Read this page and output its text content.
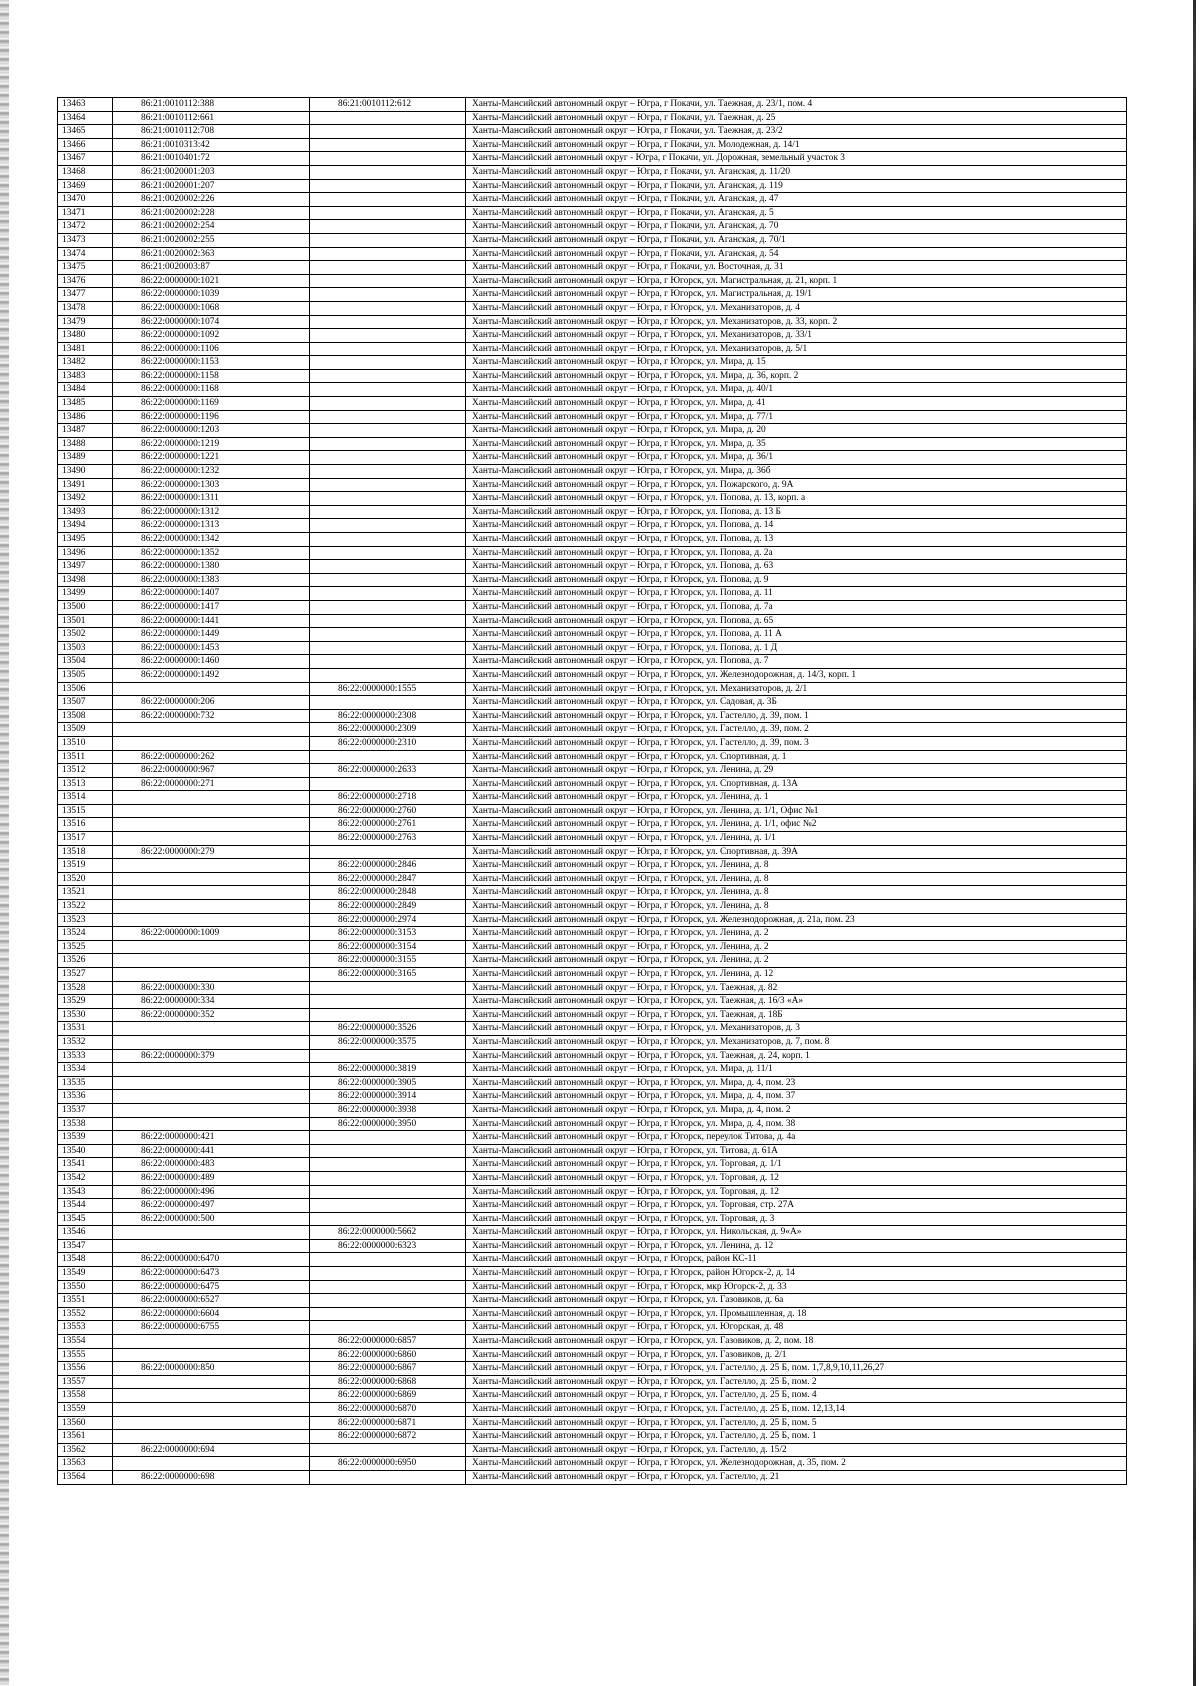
13463	86:21:0010112:388	86:21:0010112:612	Ханты-Мансийский автономный округ – Югра, г Покачи, ул. Таежная, д. 23/1, пом. 4
13464	86:21:0010112:661		Ханты-Мансийский автономный округ – Югра, г Покачи, ул. Таежная, д. 25
13465	86:21:0010112:708		Ханты-Мансийский автономный округ – Югра, г Покачи, ул. Таежная, д. 23/2
13466	86:21:0010313:42		Ханты-Мансийский автономный округ – Югра, г Покачи, ул. Молодежная, д. 14/1
13467	86:21:0010401:72		Ханты-Мансийский автономный округ - Югра, г Покачи, ул. Дорожная, земельный участок 3
13468	86:21:0020001:203		Ханты-Мансийский автономный округ – Югра, г Покачи, ул. Аганская, д. 11/20
13469	86:21:0020001:207		Ханты-Мансийский автономный округ – Югра, г Покачи, ул. Аганская, д. 119
13470	86:21:0020002:226		Ханты-Мансийский автономный округ – Югра, г Покачи, ул. Аганская, д. 47
13471	86:21:0020002:228		Ханты-Мансийский автономный округ – Югра, г Покачи, ул. Аганская, д. 5
13472	86:21:0020002:254		Ханты-Мансийский автономный округ – Югра, г Покачи, ул. Аганская, д. 70
13473	86:21:0020002:255		Ханты-Мансийский автономный округ – Югра, г Покачи, ул. Аганская, д. 70/1
13474	86:21:0020002:363		Ханты-Мансийский автономный округ – Югра, г Покачи, ул. Аганская, д. 54
13475	86:21:0020003:87		Ханты-Мансийский автономный округ – Югра, г Покачи, ул. Восточная, д. 31
13476	86:22:0000000:1021		Ханты-Мансийский автономный округ – Югра, г Югорск, ул. Магистральная, д. 21, корп. 1
13477	86:22:0000000:1039		Ханты-Мансийский автономный округ – Югра, г Югорск, ул. Магистральная, д. 19/1
13478	86:22:0000000:1068		Ханты-Мансийский автономный округ – Югра, г Югорск, ул. Механизаторов, д. 4
13479	86:22:0000000:1074		Ханты-Мансийский автономный округ – Югра, г Югорск, ул. Механизаторов, д. 33, корп. 2
13480	86:22:0000000:1092		Ханты-Мансийский автономный округ – Югра, г Югорск, ул. Механизаторов, д. 33/1
13481	86:22:0000000:1106		Ханты-Мансийский автономный округ – Югра, г Югорск, ул. Механизаторов, д. 5/1
13482	86:22:0000000:1153		Ханты-Мансийский автономный округ – Югра, г Югорск, ул. Мира, д. 15
13483	86:22:0000000:1158		Ханты-Мансийский автономный округ – Югра, г Югорск, ул. Мира, д. 36, корп. 2
13484	86:22:0000000:1168		Ханты-Мансийский автономный округ – Югра, г Югорск, ул. Мира, д. 40/1
13485	86:22:0000000:1169		Ханты-Мансийский автономный округ – Югра, г Югорск, ул. Мира, д. 41
13486	86:22:0000000:1196		Ханты-Мансийский автономный округ – Югра, г Югорск, ул. Мира, д. 77/1
13487	86:22:0000000:1203		Ханты-Мансийский автономный округ – Югра, г Югорск, ул. Мира, д. 20
13488	86:22:0000000:1219		Ханты-Мансийский автономный округ – Югра, г Югорск, ул. Мира, д. 35
13489	86:22:0000000:1221		Ханты-Мансийский автономный округ – Югра, г Югорск, ул. Мира, д. 36/1
13490	86:22:0000000:1232		Ханты-Мансийский автономный округ – Югра, г Югорск, ул. Мира, д. 36б
13491	86:22:0000000:1303		Ханты-Мансийский автономный округ – Югра, г Югорск, ул. Пожарского, д. 9А
13492	86:22:0000000:1311		Ханты-Мансийский автономный округ – Югра, г Югорск, ул. Попова, д. 13, корп. а
13493	86:22:0000000:1312		Ханты-Мансийский автономный округ – Югра, г Югорск, ул. Попова, д. 13 Б
13494	86:22:0000000:1313		Ханты-Мансийский автономный округ – Югра, г Югорск, ул. Попова, д. 14
13495	86:22:0000000:1342		Ханты-Мансийский автономный округ – Югра, г Югорск, ул. Попова, д. 13
13496	86:22:0000000:1352		Ханты-Мансийский автономный округ – Югра, г Югорск, ул. Попова, д. 2а
13497	86:22:0000000:1380		Ханты-Мансийский автономный округ – Югра, г Югорск, ул. Попова, д. 63
13498	86:22:0000000:1383		Ханты-Мансийский автономный округ – Югра, г Югорск, ул. Попова, д. 9
13499	86:22:0000000:1407		Ханты-Мансийский автономный округ – Югра, г Югорск, ул. Попова, д. 11
13500	86:22:0000000:1417		Ханты-Мансийский автономный округ – Югра, г Югорск, ул. Попова, д. 7а
13501	86:22:0000000:1441		Ханты-Мансийский автономный округ – Югра, г Югорск, ул. Попова, д. 65
13502	86:22:0000000:1449		Ханты-Мансийский автономный округ – Югра, г Югорск, ул. Попова, д. 11 А
13503	86:22:0000000:1453		Ханты-Мансийский автономный округ – Югра, г Югорск, ул. Попова, д. 1 Д
13504	86:22:0000000:1460		Ханты-Мансийский автономный округ – Югра, г Югорск, ул. Попова, д. 7
13505	86:22:0000000:1492		Ханты-Мансийский автономный округ – Югра, г Югорск, ул. Железнодорожная, д. 14/3, корп. 1
13506		86:22:0000000:1555	Ханты-Мансийский автономный округ – Югра, г Югорск, ул. Механизаторов, д. 2/1
13507	86:22:0000000:206		Ханты-Мансийский автономный округ – Югра, г Югорск, ул. Садовая, д. 3Б
13508	86:22:0000000:732	86:22:0000000:2308	Ханты-Мансийский автономный округ – Югра, г Югорск, ул. Гастелло, д. 39, пом. 1
13509		86:22:0000000:2309	Ханты-Мансийский автономный округ – Югра, г Югорск, ул. Гастелло, д. 39, пом. 2
13510		86:22:0000000:2310	Ханты-Мансийский автономный округ – Югра, г Югорск, ул. Гастелло, д. 39, пом. 3
13511	86:22:0000000:262		Ханты-Мансийский автономный округ – Югра, г Югорск, ул. Спортивная, д. 1
13512	86:22:0000000:967	86:22:0000000:2633	Ханты-Мансийский автономный округ – Югра, г Югорск, ул. Ленина, д. 29
13513	86:22:0000000:271		Ханты-Мансийский автономный округ – Югра, г Югорск, ул. Спортивная, д. 13А
13514		86:22:0000000:2718	Ханты-Мансийский автономный округ – Югра, г Югорск, ул. Ленина, д. 1
13515		86:22:0000000:2760	Ханты-Мансийский автономный округ – Югра, г Югорск, ул. Ленина, д. 1/1, Офис №1
13516		86:22:0000000:2761	Ханты-Мансийский автономный округ – Югра, г Югорск, ул. Ленина, д. 1/1, офис №2
13517		86:22:0000000:2763	Ханты-Мансийский автономный округ – Югра, г Югорск, ул. Ленина, д. 1/1
13518	86:22:0000000:279		Ханты-Мансийский автономный округ – Югра, г Югорск, ул. Спортивная, д. 39А
13519		86:22:0000000:2846	Ханты-Мансийский автономный округ – Югра, г Югорск, ул. Ленина, д. 8
13520		86:22:0000000:2847	Ханты-Мансийский автономный округ – Югра, г Югорск, ул. Ленина, д. 8
13521		86:22:0000000:2848	Ханты-Мансийский автономный округ – Югра, г Югорск, ул. Ленина, д. 8
13522		86:22:0000000:2849	Ханты-Мансийский автономный округ – Югра, г Югорск, ул. Ленина, д. 8
13523		86:22:0000000:2974	Ханты-Мансийский автономный округ – Югра, г Югорск, ул. Железнодорожная, д. 21а, пом. 23
13524	86:22:0000000:1009	86:22:0000000:3153	Ханты-Мансийский автономный округ – Югра, г Югорск, ул. Ленина, д. 2
13525		86:22:0000000:3154	Ханты-Мансийский автономный округ – Югра, г Югорск, ул. Ленина, д. 2
13526		86:22:0000000:3155	Ханты-Мансийский автономный округ – Югра, г Югорск, ул. Ленина, д. 2
13527		86:22:0000000:3165	Ханты-Мансийский автономный округ – Югра, г Югорск, ул. Ленина, д. 12
13528	86:22:0000000:330		Ханты-Мансийский автономный округ – Югра, г Югорск, ул. Таежная, д. 82
13529	86:22:0000000:334		Ханты-Мансийский автономный округ – Югра, г Югорск, ул. Таежная, д. 16/3 «А»
13530	86:22:0000000:352		Ханты-Мансийский автономный округ – Югра, г Югорск, ул. Таежная, д. 18Б
13531		86:22:0000000:3526	Ханты-Мансийский автономный округ – Югра, г Югорск, ул. Механизаторов, д. 3
13532		86:22:0000000:3575	Ханты-Мансийский автономный округ – Югра, г Югорск, ул. Механизаторов, д. 7, пом. 8
13533	86:22:0000000:379		Ханты-Мансийский автономный округ – Югра, г Югорск, ул. Таежная, д. 24, корп. 1
13534		86:22:0000000:3819	Ханты-Мансийский автономный округ – Югра, г Югорск, ул. Мира, д. 11/1
13535		86:22:0000000:3905	Ханты-Мансийский автономный округ – Югра, г Югорск, ул. Мира, д. 4, пом. 23
13536		86:22:0000000:3914	Ханты-Мансийский автономный округ – Югра, г Югорск, ул. Мира, д. 4, пом. 37
13537		86:22:0000000:3938	Ханты-Мансийский автономный округ – Югра, г Югорск, ул. Мира, д. 4, пом. 2
13538		86:22:0000000:3950	Ханты-Мансийский автономный округ – Югра, г Югорск, ул. Мира, д. 4, пом. 38
13539	86:22:0000000:421		Ханты-Мансийский автономный округ – Югра, г Югорск, переулок Титова, д. 4а
13540	86:22:0000000:441		Ханты-Мансийский автономный округ – Югра, г Югорск, ул. Титова, д. 61А
13541	86:22:0000000:483		Ханты-Мансийский автономный округ – Югра, г Югорск, ул. Торговая, д. 1/1
13542	86:22:0000000:489		Ханты-Мансийский автономный округ – Югра, г Югорск, ул. Торговая, д. 12
13543	86:22:0000000:496		Ханты-Мансийский автономный округ – Югра, г Югорск, ул. Торговая, д. 12
13544	86:22:0000000:497		Ханты-Мансийский автономный округ – Югра, г Югорск, ул. Торговая, стр. 27А
13545	86:22:0000000:500		Ханты-Мансийский автономный округ – Югра, г Югорск, ул. Торговая, д. 3
13546		86:22:0000000:5662	Ханты-Мансийский автономный округ – Югра, г Югорск, ул. Никольская, д. 9«А»
13547		86:22:0000000:6323	Ханты-Мансийский автономный округ – Югра, г Югорск, ул. Ленина, д. 12
13548	86:22:0000000:6470		Ханты-Мансийский автономный округ – Югра, г Югорск, район КС-11
13549	86:22:0000000:6473		Ханты-Мансийский автономный округ – Югра, г Югорск, район Югорск-2, д. 14
13550	86:22:0000000:6475		Ханты-Мансийский автономный округ – Югра, г Югорск, мкр Югорск-2, д. 33
13551	86:22:0000000:6527		Ханты-Мансийский автономный округ – Югра, г Югорск, ул. Газовиков, д. 6а
13552	86:22:0000000:6604		Ханты-Мансийский автономный округ – Югра, г Югорск, ул. Промышленная, д. 18
13553	86:22:0000000:6755		Ханты-Мансийский автономный округ – Югра, г Югорск, ул. Югорская, д. 48
13554		86:22:0000000:6857	Ханты-Мансийский автономный округ – Югра, г Югорск, ул. Газовиков, д. 2, пом. 18
13555		86:22:0000000:6860	Ханты-Мансийский автономный округ – Югра, г Югорск, ул. Газовиков, д. 2/1
13556	86:22:0000000:850	86:22:0000000:6867	Ханты-Мансийский автономный округ – Югра, г Югорск, ул. Гастелло, д. 25 Б, пом. 1,7,8,9,10,11,26,27
13557		86:22:0000000:6868	Ханты-Мансийский автономный округ – Югра, г Югорск, ул. Гастелло, д. 25 Б, пом. 2
13558		86:22:0000000:6869	Ханты-Мансийский автономный округ – Югра, г Югорск, ул. Гастелло, д. 25 Б, пом. 4
13559		86:22:0000000:6870	Ханты-Мансийский автономный округ – Югра, г Югорск, ул. Гастелло, д. 25 Б, пом. 12,13,14
13560		86:22:0000000:6871	Ханты-Мансийский автономный округ – Югра, г Югорск, ул. Гастелло, д. 25 Б, пом. 5
13561		86:22:0000000:6872	Ханты-Мансийский автономный округ – Югра, г Югорск, ул. Гастелло, д. 25 Б, пом. 1
13562	86:22:0000000:694		Ханты-Мансийский автономный округ – Югра, г Югорск, ул. Гастелло, д. 15/2
13563		86:22:0000000:6950	Ханты-Мансийский автономный округ – Югра, г Югорск, ул. Железнодорожная, д. 35, пом. 2
13564	86:22:0000000:698		Ханты-Мансийский автономный округ – Югра, г Югорск, ул. Гастелло, д. 21
